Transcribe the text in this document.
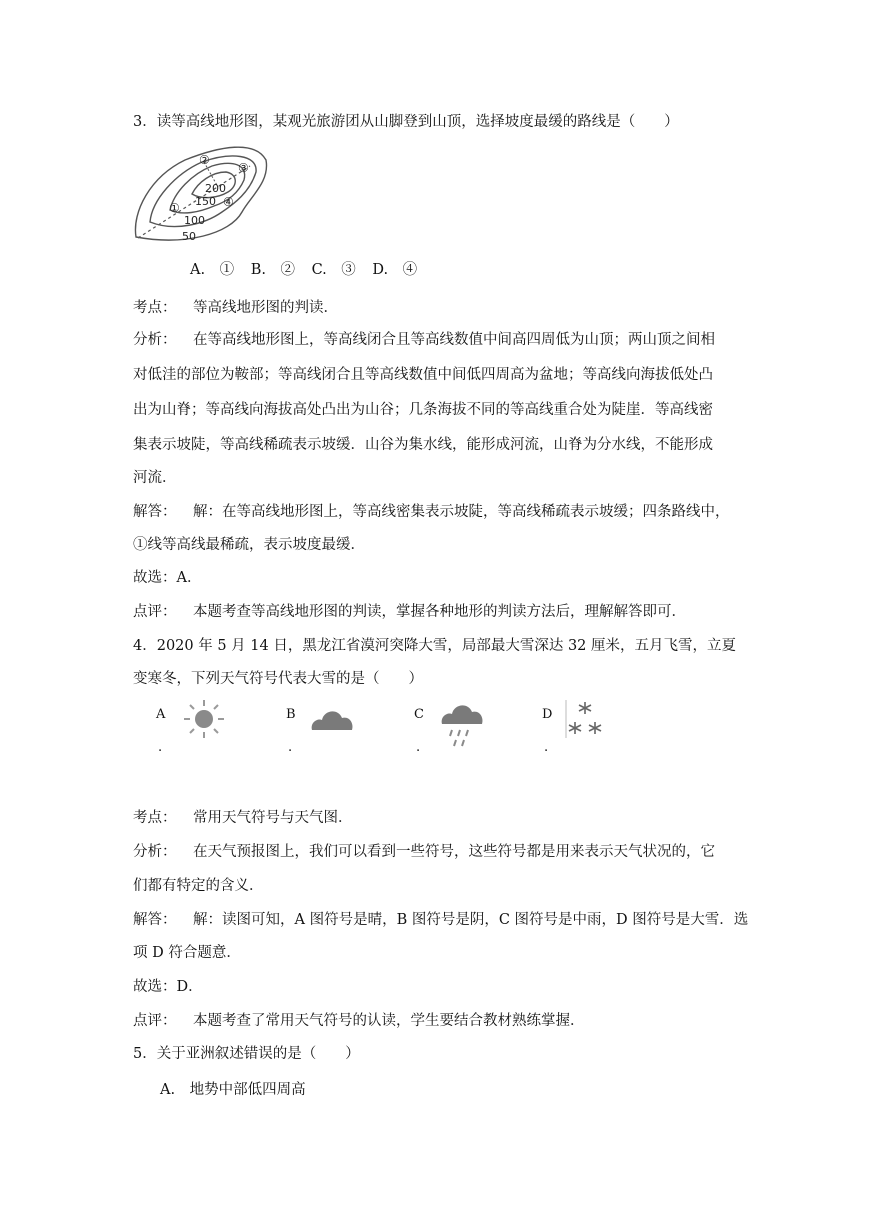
3．读等高线地形图，某观光旅游团从山脚登到山顶，选择坡度最缓的路线是（　　）
①
②
③
④
200
150
100
50
A.　① B.　② C.　③ D.　④
考点： 等高线地形图的判读．
分析： 在等高线地形图上，等高线闭合且等高线数值中间高四周低为山顶；两山顶之间相
对低洼的部位为鞍部；等高线闭合且等高线数值中间低四周高为盆地；等高线向海拔低处凸
出为山脊；等高线向海拔高处凸出为山谷；几条海拔不同的等高线重合处为陡崖．等高线密
集表示坡陡，等高线稀疏表示坡缓．山谷为集水线，能形成河流，山脊为分水线，不能形成
河流．
解答： 解：在等高线地形图上，等高线密集表示坡陡，等高线稀疏表示坡缓；四条路线中，
①线等高线最稀疏，表示坡度最缓．
故选：A．
点评： 本题考查等高线地形图的判读，掌握各种地形的判读方法后，理解解答即可．
4．2020 年 5 月 14 日，黑龙江省漠河突降大雪，局部最大雪深达 32 厘米，五月飞雪，立夏
变寒冬，下列天气符号代表大雪的是（　　）
A
.
B
.
C
.
D
.
考点： 常用天气符号与天气图．
分析： 在天气预报图上，我们可以看到一些符号，这些符号都是用来表示天气状况的，它
们都有特定的含义．
解答： 解：读图可知，A 图符号是晴，B 图符号是阴，C 图符号是中雨，D 图符号是大雪．选
项 D 符合题意．
故选：D．
点评： 本题考查了常用天气符号的认读，学生要结合教材熟练掌握．
5．关于亚洲叙述错误的是（　　）
A.　地势中部低四周高
